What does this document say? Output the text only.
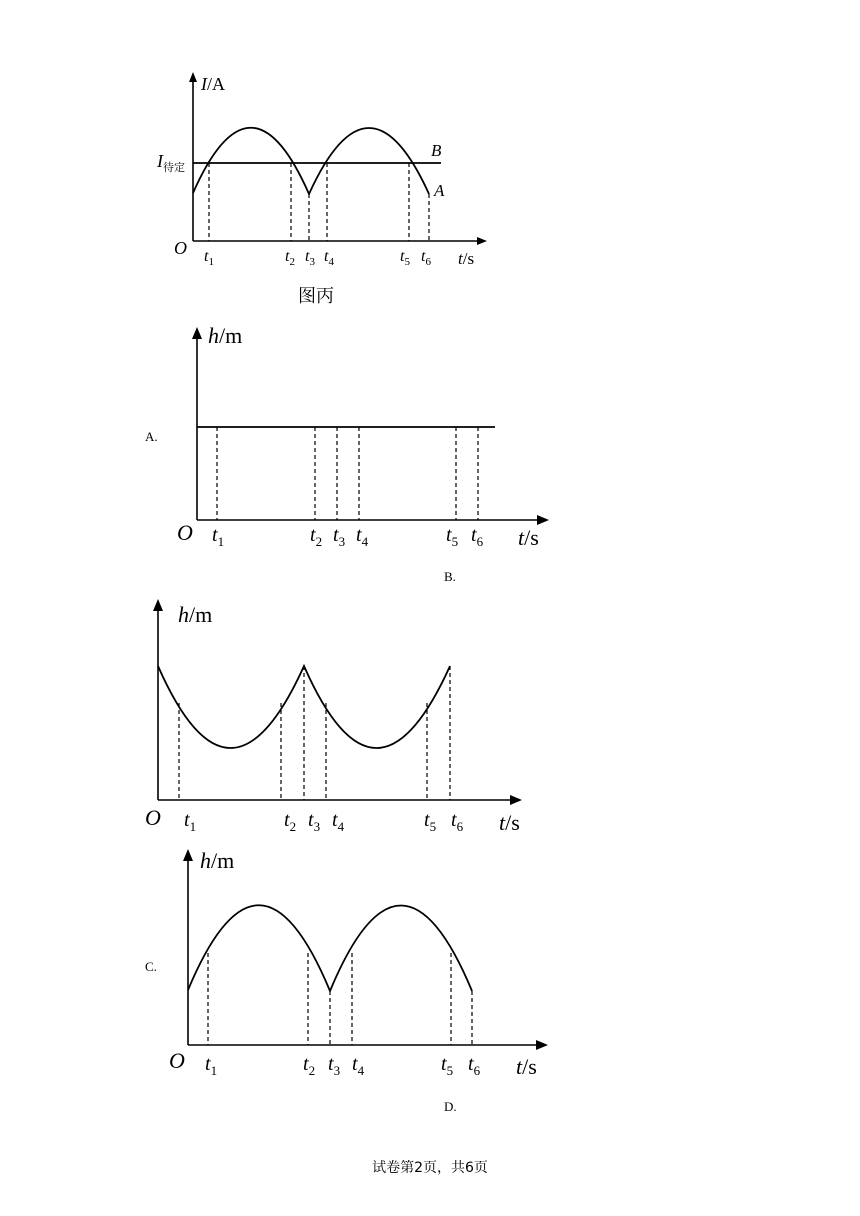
I/A
$I_{待定}$
B
A
O $t_1$	$t_2$ $t_3$ $t_4$	$t_5$ $t_6$ t/s
图丙
h/m
O $t_1$	$t_2$ $t_3$ $t_4$	$t_5$ $t_6$ t/s
h/m
O $t_1$	$t_2$ $t_3$ $t_4$	$t_5$ $t_6$ t/s
h/m
O $t_1$	$t_2$ $t_3$ $t_4$	$t_5$ $t_6$ t/s
A.
B.
C.
D.
试卷第2页，共6页
